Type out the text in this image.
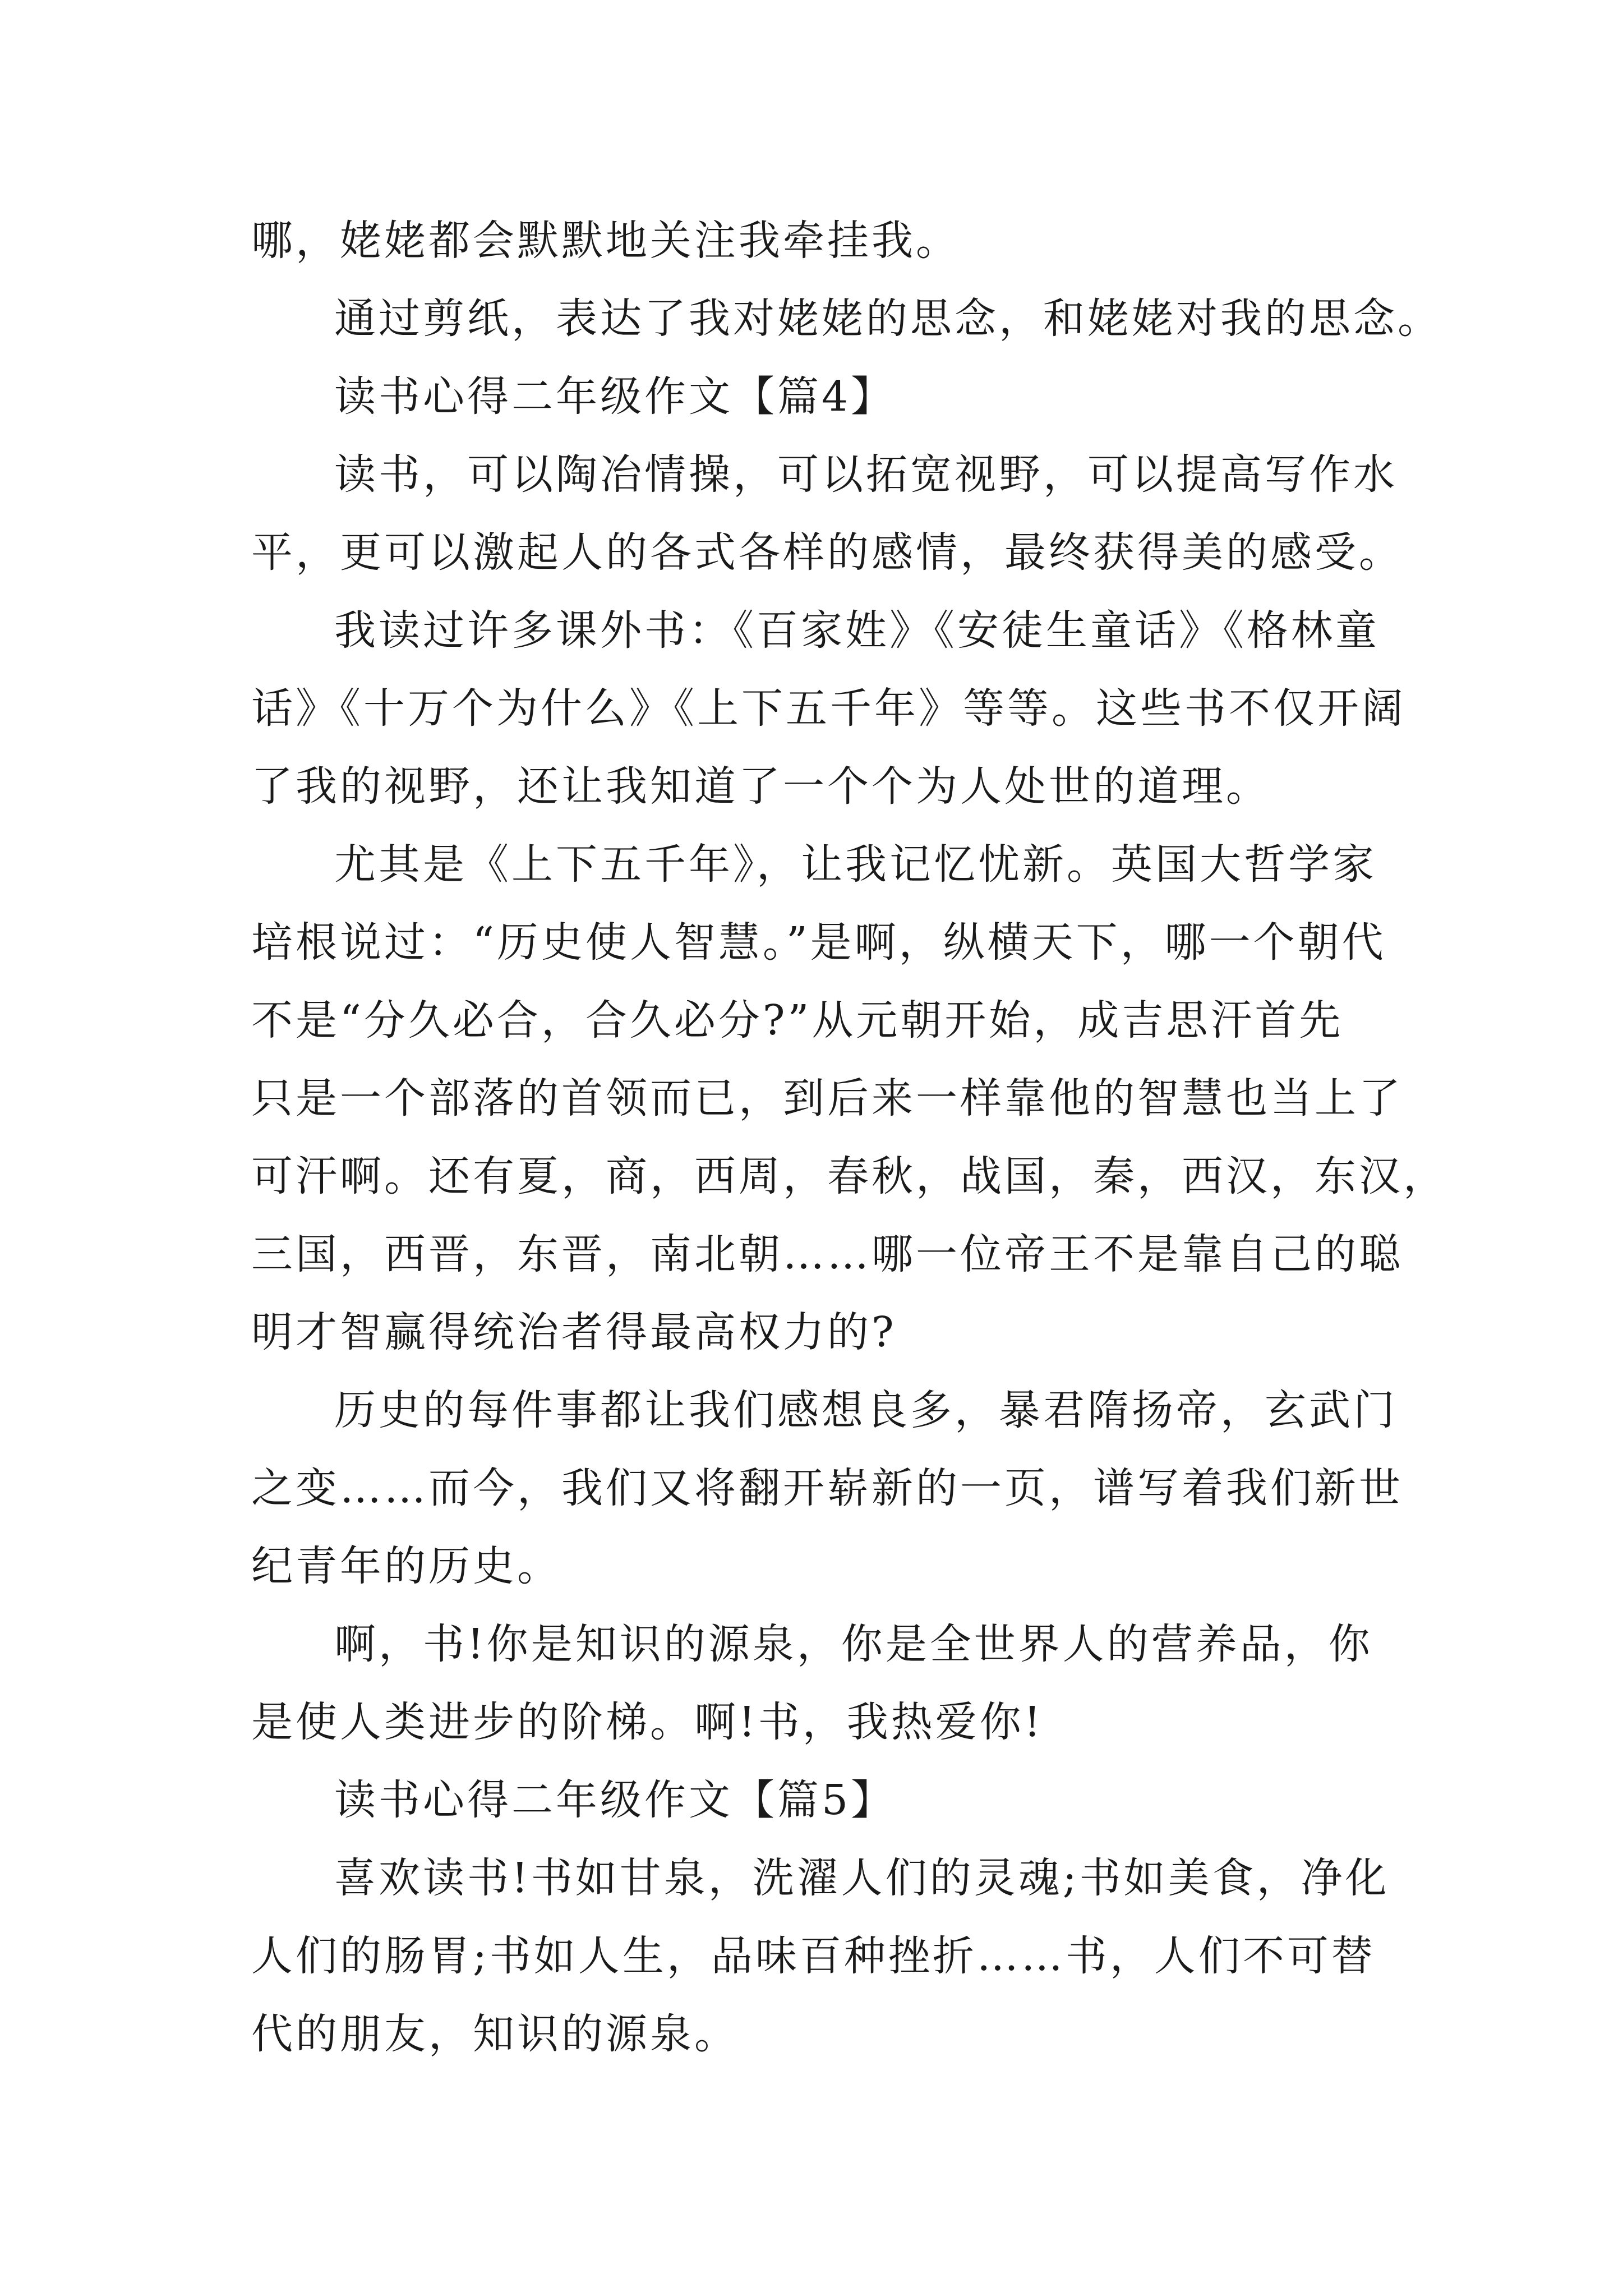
哪，姥姥都会默默地关注我牵挂我。
通过剪纸，表达了我对姥姥的思念，和姥姥对我的思念。
读书心得二年级作文【篇4】
读书，可以陶冶情操，可以拓宽视野，可以提高写作水
平，更可以激起人的各式各样的感情，最终获得美的感受。
我读过许多课外书：《百家姓》《安徒生童话》《格林童
话》《十万个为什么》《上下五千年》等等。这些书不仅开阔
了我的视野，还让我知道了一个个为人处世的道理。
尤其是《上下五千年》，让我记忆忧新。英国大哲学家
培根说过：“历史使人智慧。”是啊，纵横天下，哪一个朝代
不是“分久必合，合久必分?”从元朝开始，成吉思汗首先
只是一个部落的首领而已，到后来一样靠他的智慧也当上了
可汗啊。还有夏，商，西周，春秋，战国，秦，西汉，东汉，
三国，西晋，东晋，南北朝……哪一位帝王不是靠自己的聪
明才智赢得统治者得最高权力的?
历史的每件事都让我们感想良多，暴君隋扬帝，玄武门
之变……而今，我们又将翻开崭新的一页，谱写着我们新世
纪青年的历史。
啊，书!你是知识的源泉，你是全世界人的营养品，你
是使人类进步的阶梯。啊!书，我热爱你!
读书心得二年级作文【篇5】
喜欢读书!书如甘泉，洗濯人们的灵魂;书如美食，净化
人们的肠胃;书如人生，品味百种挫折……书，人们不可替
代的朋友，知识的源泉。
